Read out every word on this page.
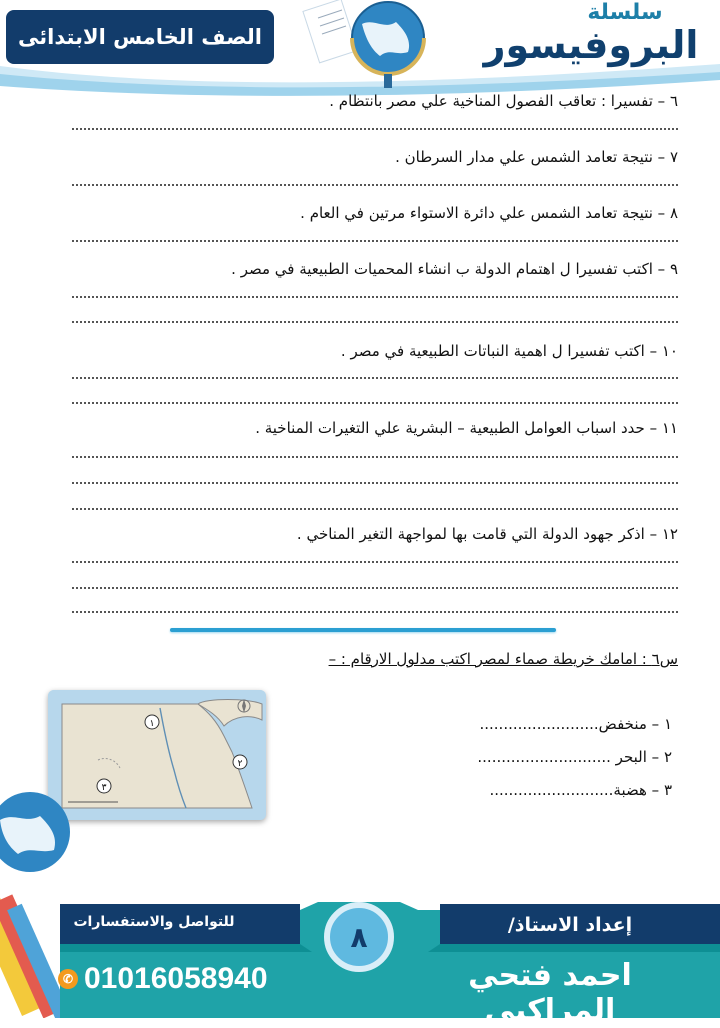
الصف الخامس الابتدائى
سلسلة
البروفيسور
٦ – تفسيرا : تعاقب الفصول المناخية علي مصر بانتظام .
٧ – نتيجة تعامد الشمس علي مدار السرطان .
٨ – نتيجة تعامد الشمس علي دائرة الاستواء مرتين في العام .
٩ – اكتب تفسيرا ل اهتمام الدولة ب انشاء المحميات الطبيعية في مصر .
١٠ – اكتب تفسيرا ل اهمية النباتات الطبيعية في مصر .
١١ – حدد اسباب العوامل الطبيعية – البشرية علي التغيرات المناخية .
١٢ – اذكر جهود الدولة التي قامت بها لمواجهة التغير المناخي .
س٦ : امامك خريطة صماء لمصر اكتب مدلول الارقام : –
١
٢
٣
١ – منخفض.........................
٢ – البحر ............................
٣ – هضبة..........................
للتواصل والاستفسارات
✆ 01016058940
٨	إعداد الاستاذ/
احمد فتحي المراكبي
